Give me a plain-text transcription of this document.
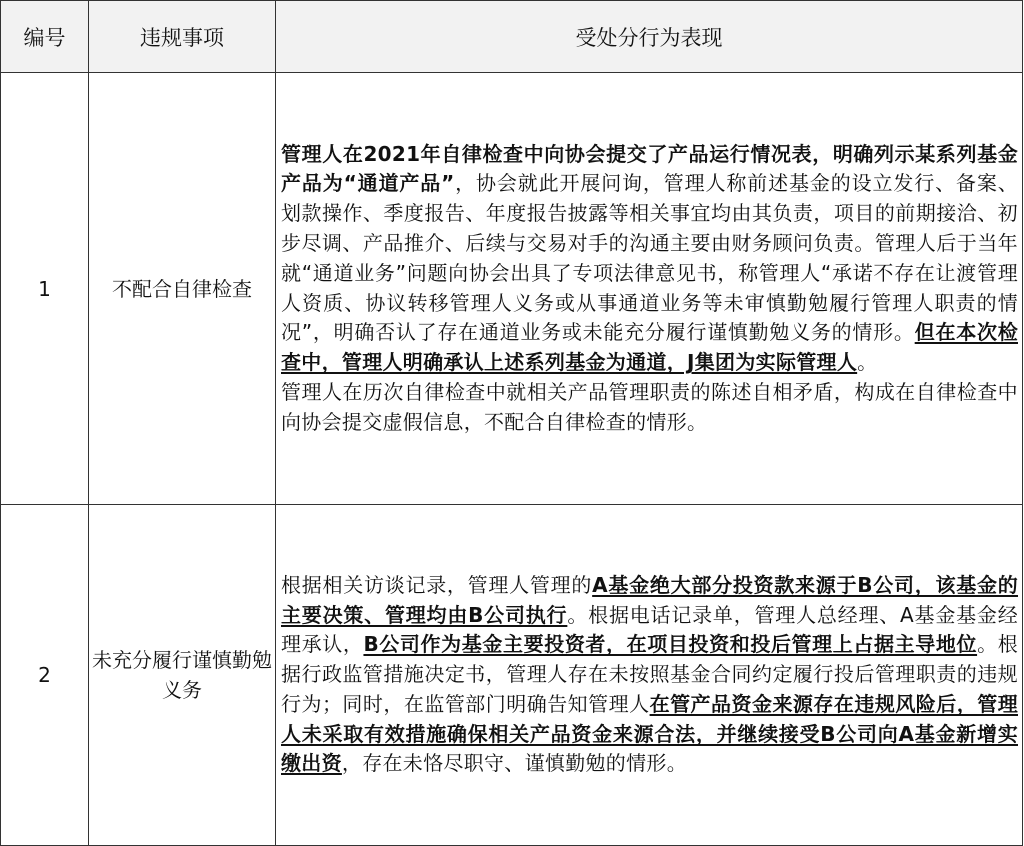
编号	违规事项	受处分行为表现
1	不配合自律检查	管理人在2021年自律检查中向协会提交了产品运行情况表，明确列示某系列基金产品为“通道产品”，协会就此开展问询，管理人称前述基金的设立发行、备案、划款操作、季度报告、年度报告披露等相关事宜均由其负责，项目的前期接洽、初步尽调、产品推介、后续与交易对手的沟通主要由财务顾问负责。管理人后于当年就“通道业务”问题向协会出具了专项法律意见书，称管理人“承诺不存在让渡管理人资质、协议转移管理人义务或从事通道业务等未审慎勤勉履行管理人职责的情况”，明确否认了存在通道业务或未能充分履行谨慎勤勉义务的情形。但在本次检查中，管理人明确承认上述系列基金为通道，J集团为实际管理人。
管理人在历次自律检查中就相关产品管理职责的陈述自相矛盾，构成在自律检查中向协会提交虚假信息，不配合自律检查的情形。

2	未充分履行谨慎勤勉义务	根据相关访谈记录，管理人管理的A基金绝大部分投资款来源于B公司，该基金的主要决策、管理均由B公司执行。根据电话记录单，管理人总经理、A基金基金经理承认，B公司作为基金主要投资者，在项目投资和投后管理上占据主导地位。根据行政监管措施决定书，管理人存在未按照基金合同约定履行投后管理职责的违规行为；同时，在监管部门明确告知管理人在管产品资金来源存在违规风险后，管理人未采取有效措施确保相关产品资金来源合法，并继续接受B公司向A基金新增实缴出资，存在未恪尽职守、谨慎勤勉的情形。
